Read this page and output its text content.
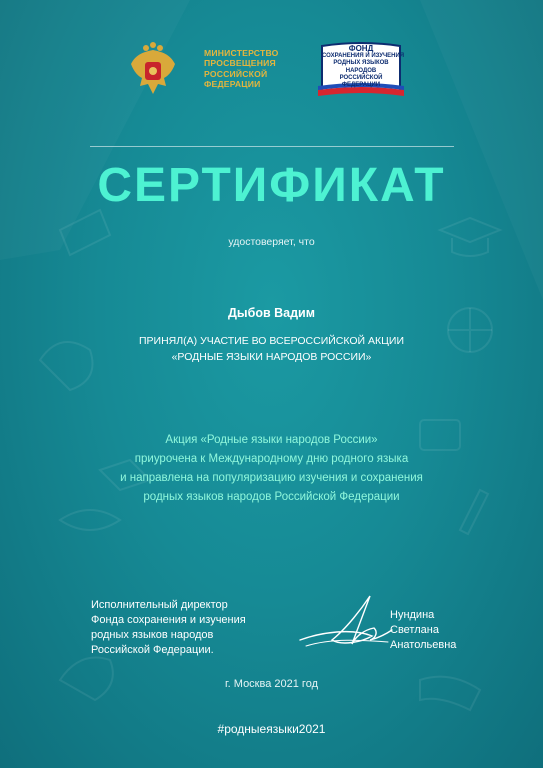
МИНИСТЕРСТВО
ПРОСВЕЩЕНИЯ
РОССИЙСКОЙ
ФЕДЕРАЦИИ
ФОНД
СОХРАНЕНИЯ И ИЗУЧЕНИЯ
РОДНЫХ ЯЗЫКОВ
НАРОДОВ
РОССИЙСКОЙ
ФЕДЕРАЦИИ
СЕРТИФИКАТ
удостоверяет, что
Дыбов Вадим
ПРИНЯЛ(А) УЧАСТИЕ ВО ВСЕРОССИЙСКОЙ АКЦИИ
«РОДНЫЕ ЯЗЫКИ НАРОДОВ РОССИИ»
Акция «Родные языки народов России»
приурочена к Международному дню родного языка
и направлена на популяризацию изучения и сохранения
родных языков народов Российской Федерации
Исполнительный директор
Фонда сохранения и изучения
родных языков народов
Российской Федерации.
Нундина
Светлана
Анатольевна
г. Москва 2021 год
#родныеязыки2021
